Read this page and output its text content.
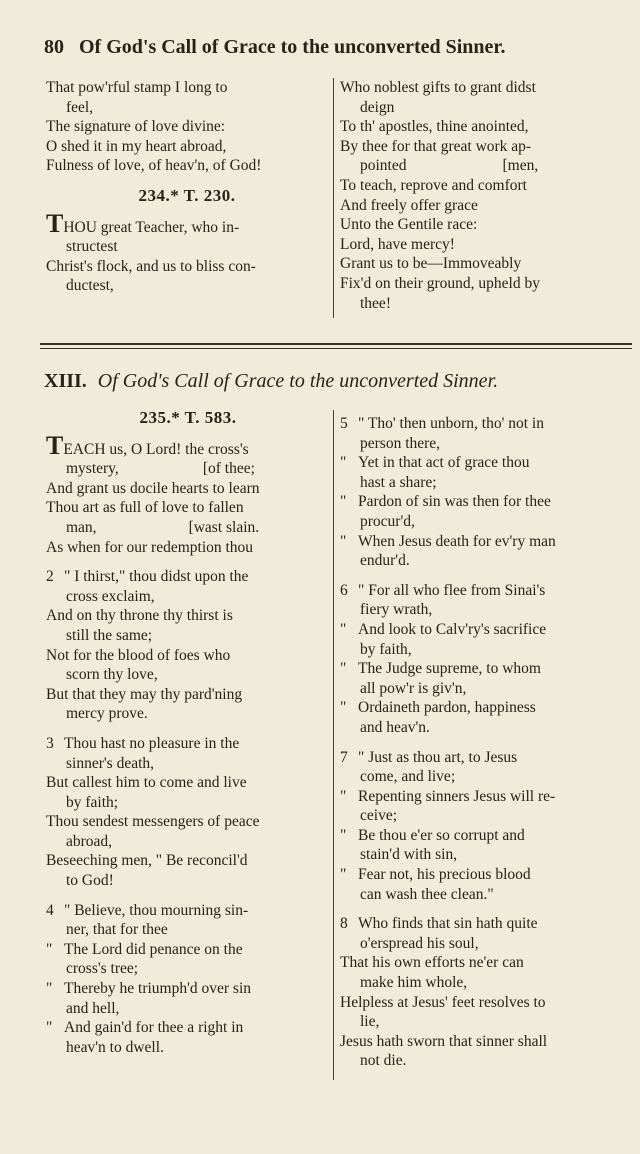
80 Of God's Call of Grace to the unconverted Sinner.
That pow'rful stamp I long to
feel,
The signature of love divine:
O shed it in my heart abroad,
Fulness of love, of heav'n, of God!
234.* T. 230.
THOU great Teacher, who in-
structest
Christ's flock, and us to bliss con-
ductest,
Who noblest gifts to grant didst
deign
To th' apostles, thine anointed,
By thee for that great work ap-
pointed	[men,
To teach, reprove and comfort
And freely offer grace
Unto the Gentile race:
Lord, have mercy!
Grant us to be—Immoveably
Fix'd on their ground, upheld by
thee!
XIII. Of God's Call of Grace to the unconverted Sinner.
235.* T. 583.
TEACH us, O Lord! the cross's
mystery,	[of thee;
And grant us docile hearts to learn
Thou art as full of love to fallen
man,	[wast slain.
As when for our redemption thou
2 " I thirst," thou didst upon the
cross exclaim,
And on thy throne thy thirst is
still the same;
Not for the blood of foes who
scorn thy love,
But that they may thy pard'ning
mercy prove.
3 Thou hast no pleasure in the
sinner's death,
But callest him to come and live
by faith;
Thou sendest messengers of peace
abroad,
Beseeching men, " Be reconcil'd
to God!
4 " Believe, thou mourning sin-
ner, that for thee
" The Lord did penance on the
cross's tree;
" Thereby he triumph'd over sin
and hell,
" And gain'd for thee a right in
heav'n to dwell.
5 " Tho' then unborn, tho' not in
person there,
" Yet in that act of grace thou
hast a share;
" Pardon of sin was then for thee
procur'd,
" When Jesus death for ev'ry man
endur'd.
6 " For all who flee from Sinai's
fiery wrath,
" And look to Calv'ry's sacrifice
by faith,
" The Judge supreme, to whom
all pow'r is giv'n,
" Ordaineth pardon, happiness
and heav'n.
7 " Just as thou art, to Jesus
come, and live;
" Repenting sinners Jesus will re-
ceive;
" Be thou e'er so corrupt and
stain'd with sin,
" Fear not, his precious blood
can wash thee clean."
8 Who finds that sin hath quite
o'erspread his soul,
That his own efforts ne'er can
make him whole,
Helpless at Jesus' feet resolves to
lie,
Jesus hath sworn that sinner shall
not die.
